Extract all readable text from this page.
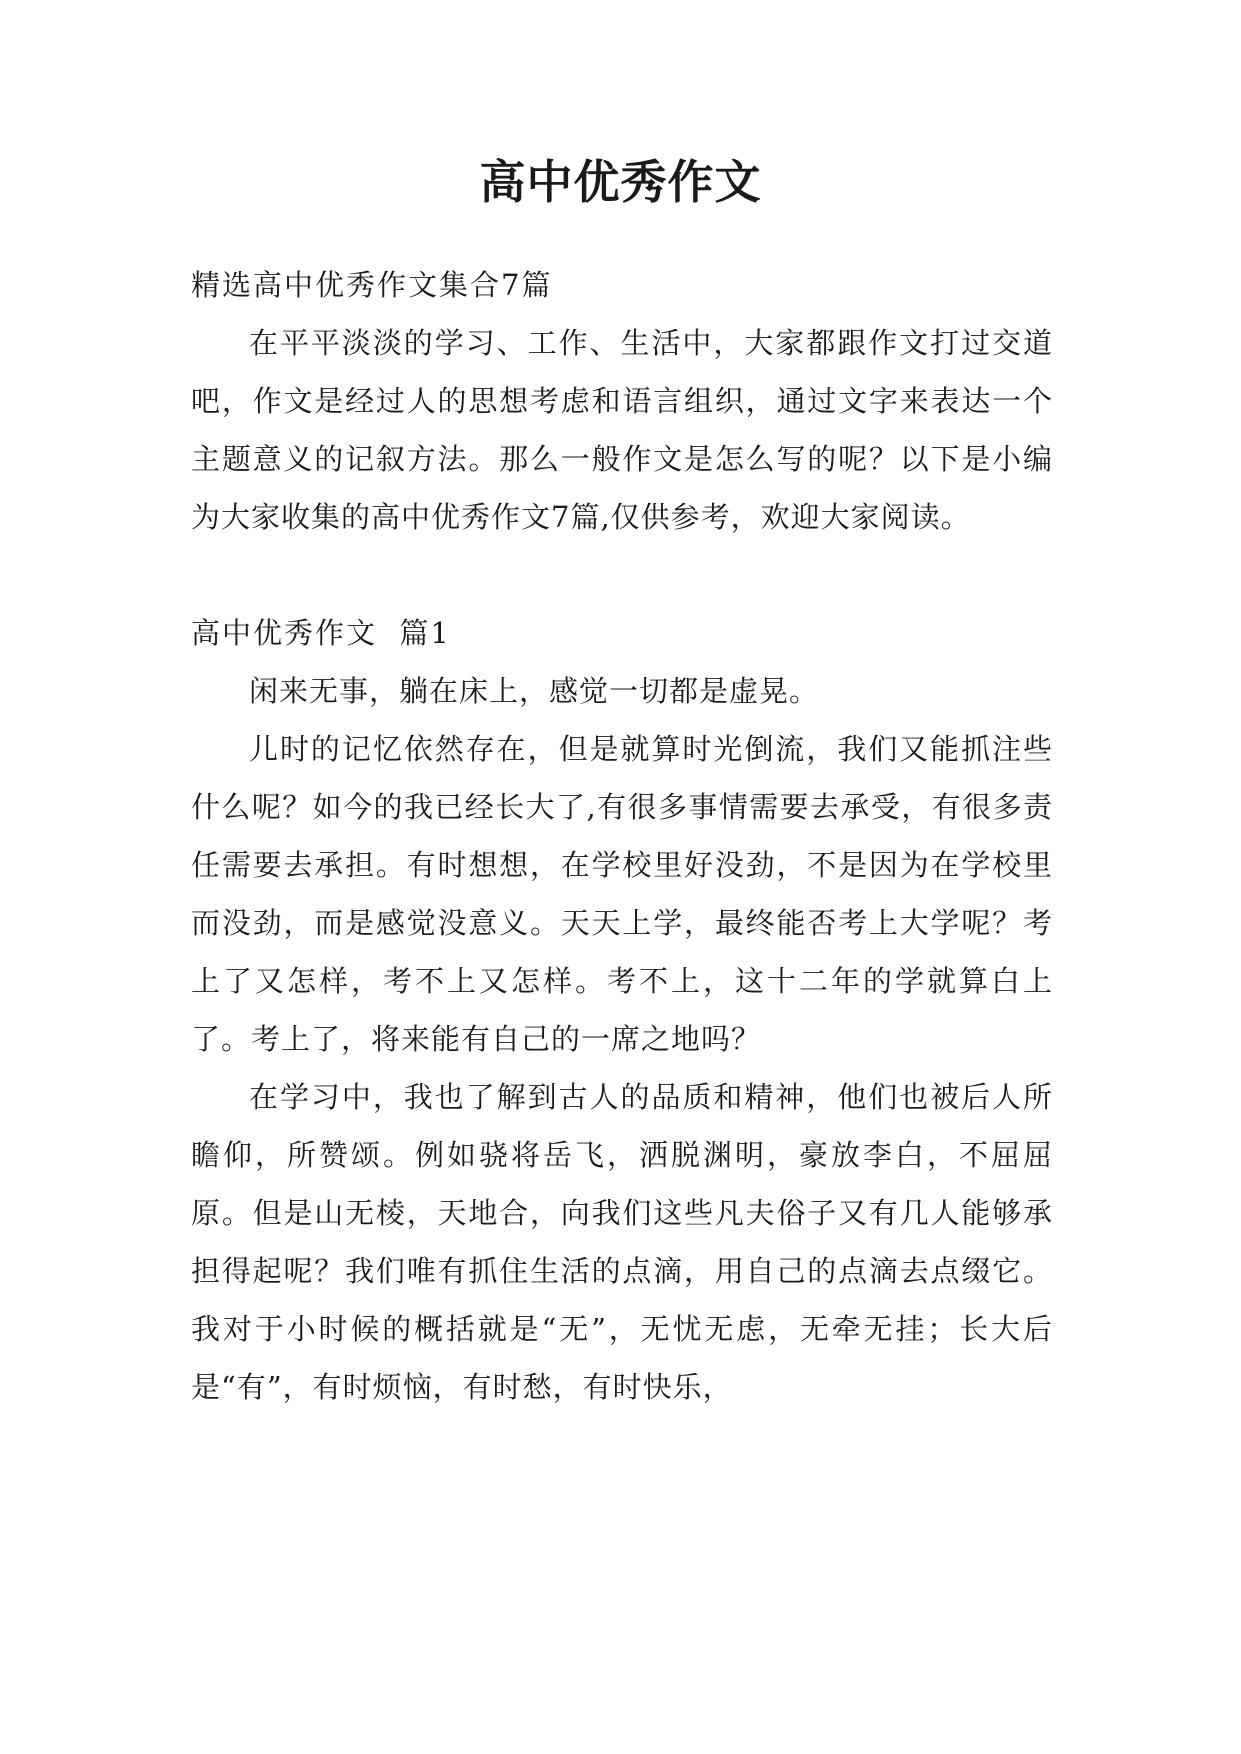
高中优秀作文

精选高中优秀作文集合7篇

在平平淡淡的学习、工作、生活中，大家都跟作文打过交道吧，作文是经过人的思想考虑和语言组织，通过文字来表达一个主题意义的记叙方法。那么一般作文是怎么写的呢？以下是小编为大家收集的高中优秀作文7篇,仅供参考，欢迎大家阅读。

高中优秀作文  篇1

闲来无事，躺在床上，感觉一切都是虚晃。

儿时的记忆依然存在，但是就算时光倒流，我们又能抓注些什么呢？如今的我已经长大了,有很多事情需要去承受，有很多责任需要去承担。有时想想，在学校里好没劲，不是因为在学校里而没劲，而是感觉没意义。天天上学，最终能否考上大学呢？考上了又怎样，考不上又怎样。考不上，这十二年的学就算白上了。考上了，将来能有自己的一席之地吗？

在学习中，我也了解到古人的品质和精神，他们也被后人所瞻仰，所赞颂。例如骁将岳飞，洒脱渊明，豪放李白，不屈屈原。但是山无棱，天地合，向我们这些凡夫俗子又有几人能够承担得起呢？我们唯有抓住生活的点滴，用自己的点滴去点缀它。我对于小时候的概括就是“无”，无忧无虑，无牵无挂；长大后是“有”，有时烦恼，有时愁，有时快乐，
